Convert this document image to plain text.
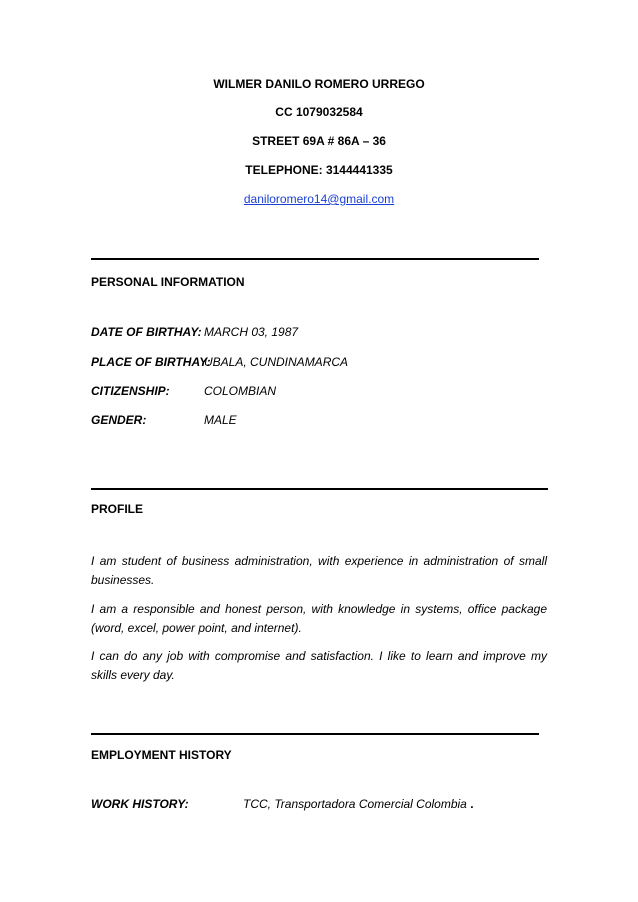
WILMER DANILO ROMERO URREGO
CC 1079032584
STREET 69A # 86A – 36
TELEPHONE: 3144441335
daniloromero14@gmail.com
PERSONAL INFORMATION
DATE OF BIRTHAY: MARCH 03, 1987
PLACE OF BIRTHAY:
UBALA, CUNDINAMARCA
CITIZENSHIP:	COLOMBIAN
GENDER:	MALE
PROFILE

I am student of business administration, with experience in administration of small businesses.

I am a responsible and honest person, with knowledge in systems, office package (word, excel, power point, and internet).

I can do any job with compromise and satisfaction. I like to learn and improve my skills every day.

EMPLOYMENT HISTORY
WORK HISTORY:	TCC, Transportadora Comercial Colombia .
